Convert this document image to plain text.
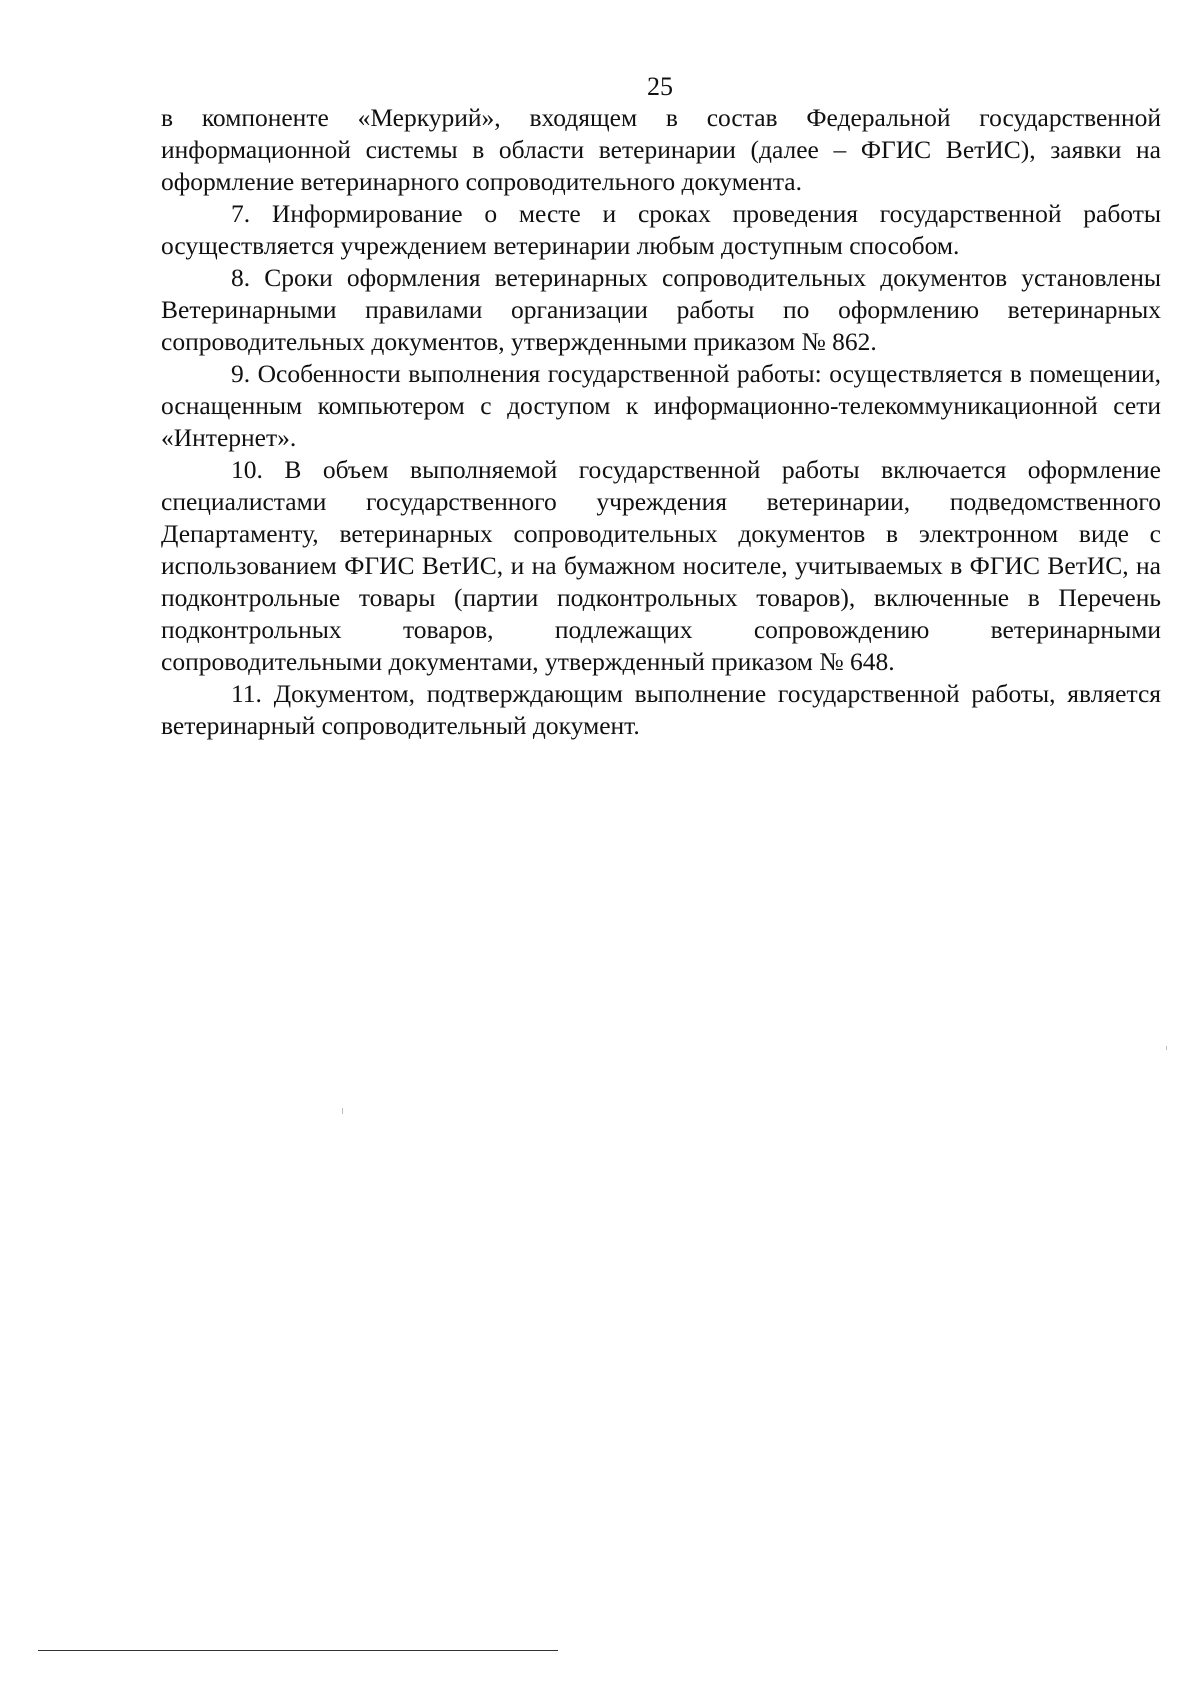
25

в компоненте «Меркурий», входящем в состав Федеральной государственной информационной системы в области ветеринарии (далее – ФГИС ВетИС), заявки на оформление ветеринарного сопроводительного документа.

7. Информирование о месте и сроках проведения государственной работы осуществляется учреждением ветеринарии любым доступным способом.

8. Сроки оформления ветеринарных сопроводительных документов установлены Ветеринарными правилами организации работы по оформлению ветеринарных сопроводительных документов, утвержденными приказом № 862.

9. Особенности выполнения государственной работы: осуществляется в помещении, оснащенным компьютером с доступом к информационно-телекоммуникационной сети «Интернет».

10. В объем выполняемой государственной работы включается оформление специалистами государственного учреждения ветеринарии, подведомственного Департаменту, ветеринарных сопроводительных документов в электронном виде с использованием ФГИС ВетИС, и на бумажном носителе, учитываемых в ФГИС ВетИС, на подконтрольные товары (партии подконтрольных товаров), включенные в Перечень подконтрольных товаров, подлежащих сопровождению ветеринарными сопроводительными документами, утвержденный приказом № 648.

11. Документом, подтверждающим выполнение государственной работы, является ветеринарный сопроводительный документ.
